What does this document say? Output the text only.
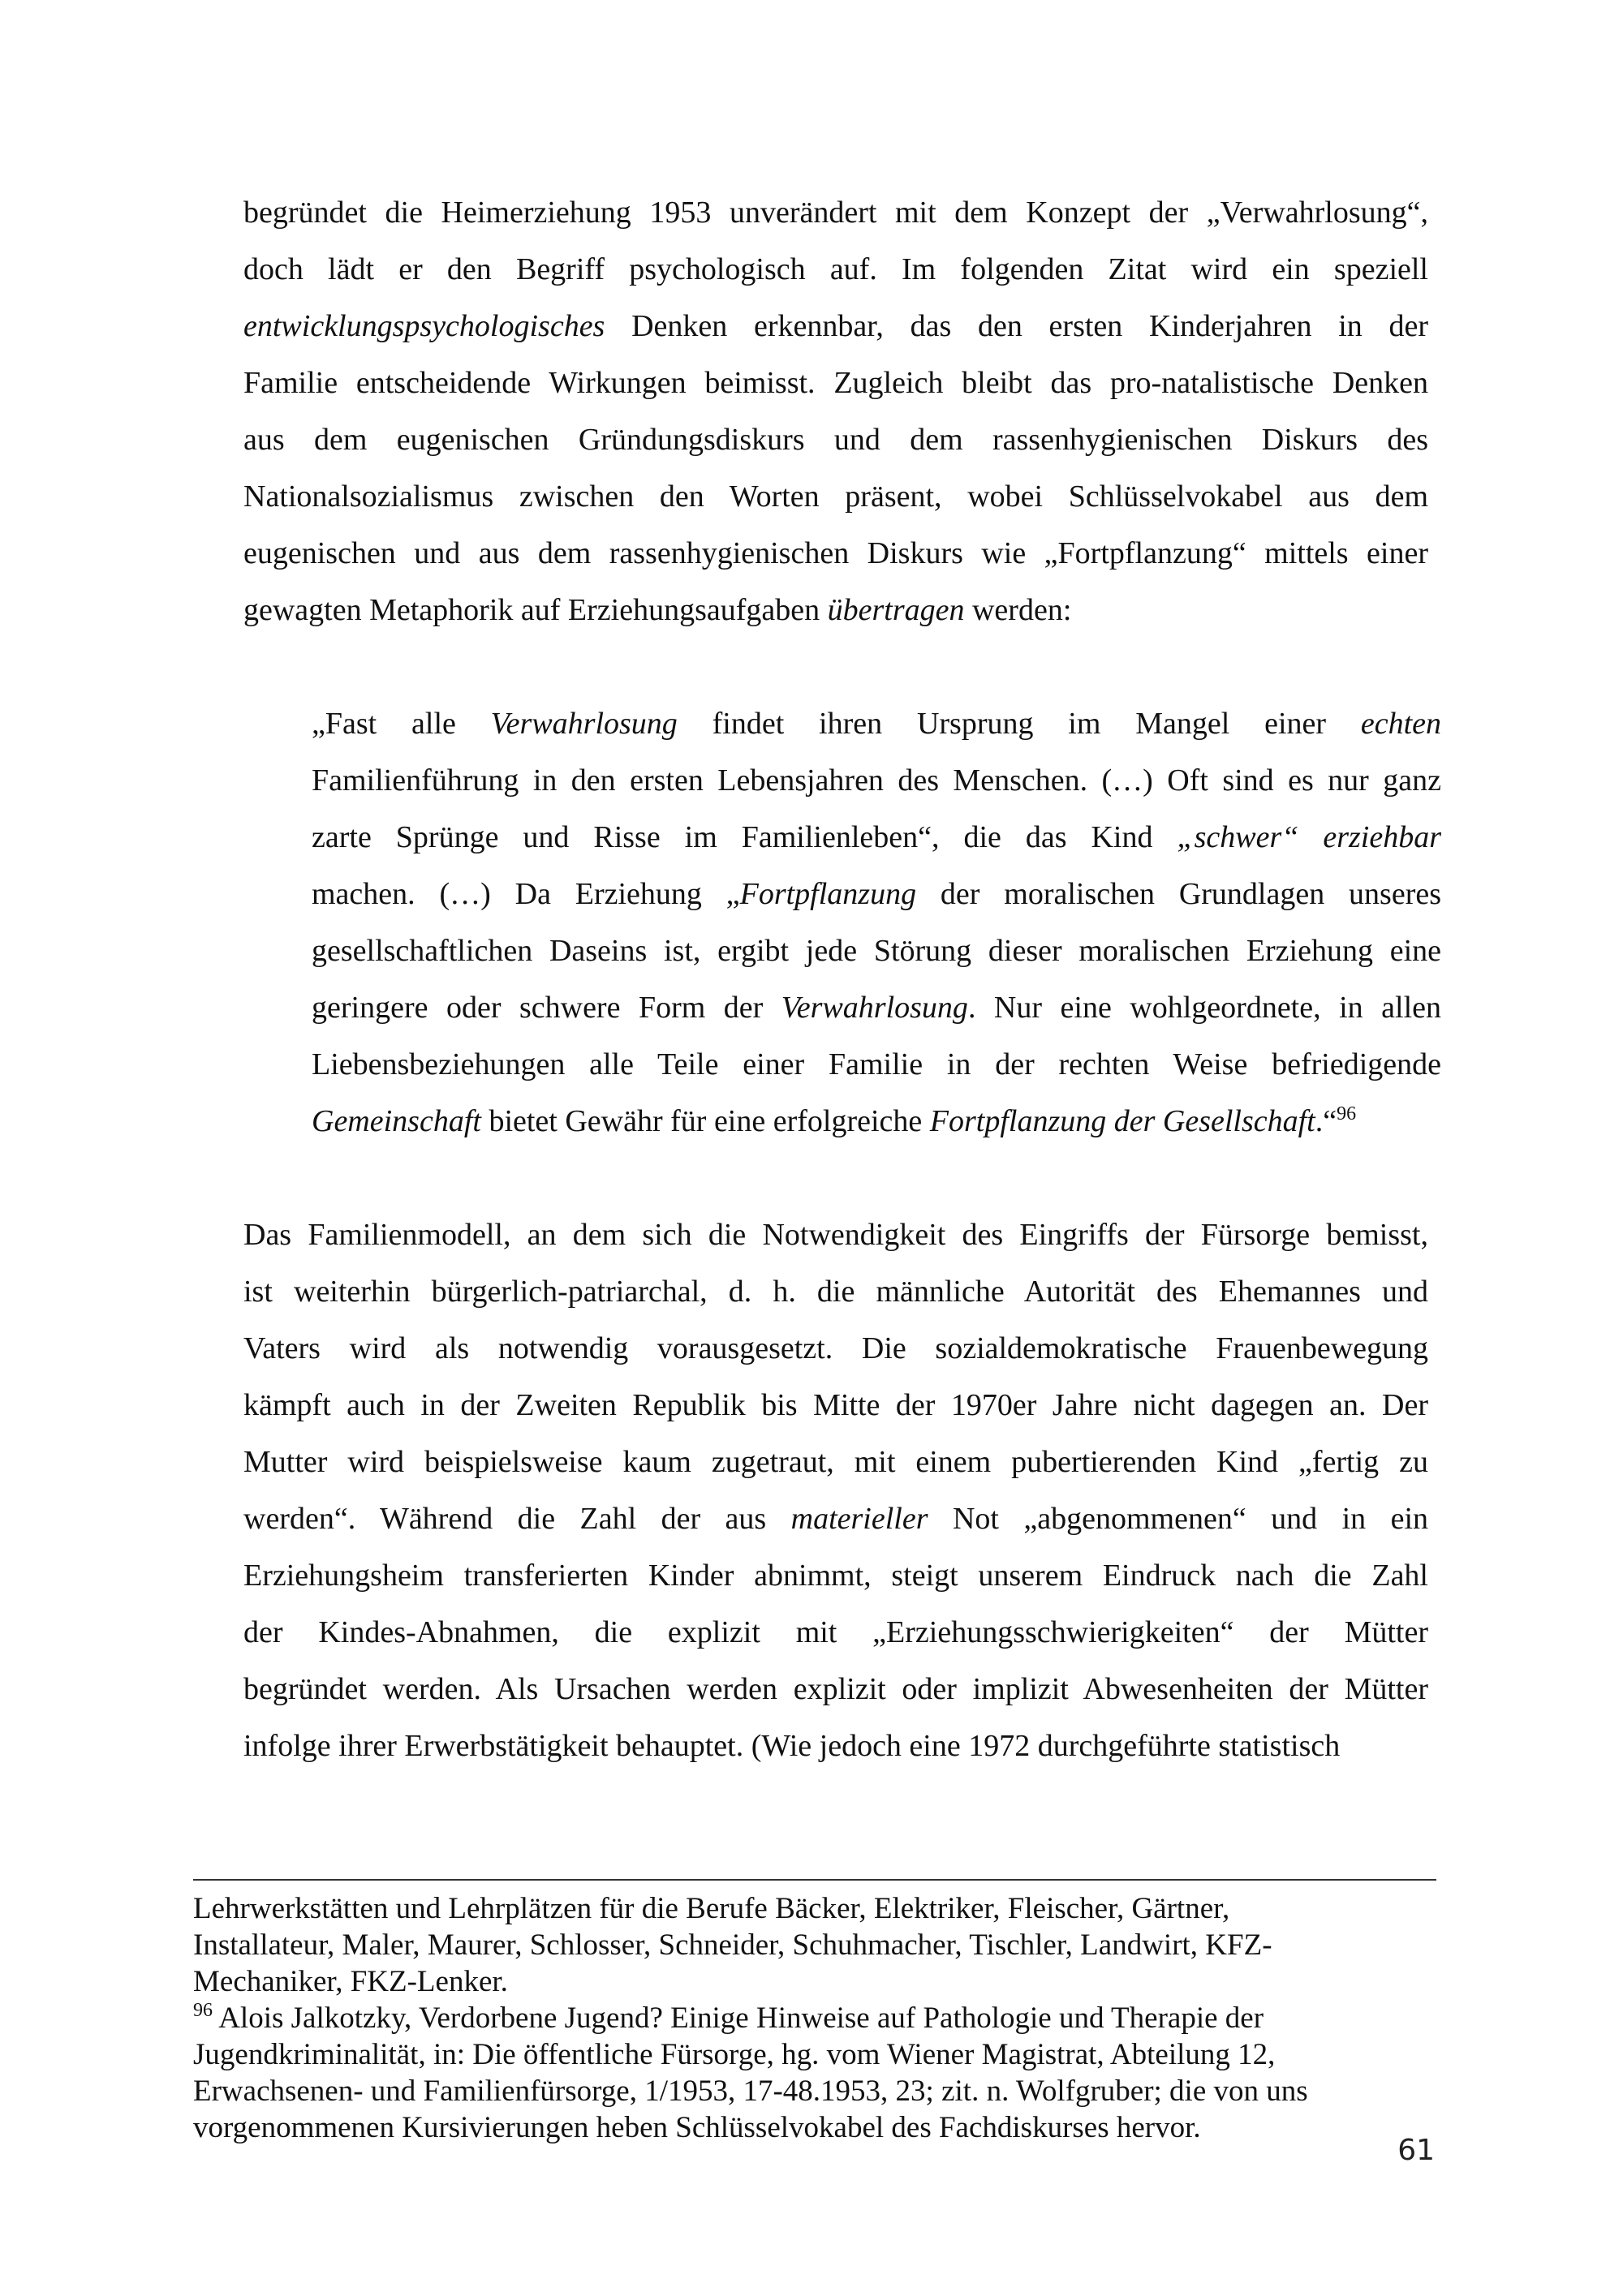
begründet die Heimerziehung 1953 unverändert mit dem Konzept der „Verwahrlosung“,
doch lädt er den Begriff psychologisch auf. Im folgenden Zitat wird ein speziell
entwicklungspsychologisches Denken erkennbar, das den ersten Kinderjahren in der
Familie entscheidende Wirkungen beimisst. Zugleich bleibt das pro-natalistische Denken
aus dem eugenischen Gründungsdiskurs und dem rassenhygienischen Diskurs des
Nationalsozialismus zwischen den Worten präsent, wobei Schlüsselvokabel aus dem
eugenischen und aus dem rassenhygienischen Diskurs wie „Fortpflanzung“ mittels einer
gewagten Metaphorik auf Erziehungsaufgaben übertragen werden:
„Fast alle Verwahrlosung findet ihren Ursprung im Mangel einer echten
Familienführung in den ersten Lebensjahren des Menschen. (…) Oft sind es nur ganz
zarte Sprünge und Risse im Familienleben“, die das Kind „schwer“ erziehbar
machen. (…) Da Erziehung „Fortpflanzung der moralischen Grundlagen unseres
gesellschaftlichen Daseins ist, ergibt jede Störung dieser moralischen Erziehung eine
geringere oder schwere Form der Verwahrlosung. Nur eine wohlgeordnete, in allen
Liebensbeziehungen alle Teile einer Familie in der rechten Weise befriedigende
Gemeinschaft bietet Gewähr für eine erfolgreiche Fortpflanzung der Gesellschaft.“$^{96}$
Das Familienmodell, an dem sich die Notwendigkeit des Eingriffs der Fürsorge bemisst,
ist weiterhin bürgerlich-patriarchal, d. h. die männliche Autorität des Ehemannes und
Vaters wird als notwendig vorausgesetzt. Die sozialdemokratische Frauenbewegung
kämpft auch in der Zweiten Republik bis Mitte der 1970er Jahre nicht dagegen an. Der
Mutter wird beispielsweise kaum zugetraut, mit einem pubertierenden Kind „fertig zu
werden“. Während die Zahl der aus materieller Not „abgenommenen“ und in ein
Erziehungsheim transferierten Kinder abnimmt, steigt unserem Eindruck nach die Zahl
der Kindes-Abnahmen, die explizit mit „Erziehungsschwierigkeiten“ der Mütter
begründet werden. Als Ursachen werden explizit oder implizit Abwesenheiten der Mütter
infolge ihrer Erwerbstätigkeit behauptet. (Wie jedoch eine 1972 durchgeführte statistisch
Lehrwerkstätten und Lehrplätzen für die Berufe Bäcker, Elektriker, Fleischer, Gärtner,
Installateur, Maler, Maurer, Schlosser, Schneider, Schuhmacher, Tischler, Landwirt, KFZ-
Mechaniker, FKZ-Lenker.
$^{96}$ Alois Jalkotzky, Verdorbene Jugend? Einige Hinweise auf Pathologie und Therapie der
Jugendkriminalität, in: Die öffentliche Fürsorge, hg. vom Wiener Magistrat, Abteilung 12,
Erwachsenen- und Familienfürsorge, 1/1953, 17-48.1953, 23; zit. n. Wolfgruber; die von uns
vorgenommenen Kursivierungen heben Schlüsselvokabel des Fachdiskurses hervor.
61
